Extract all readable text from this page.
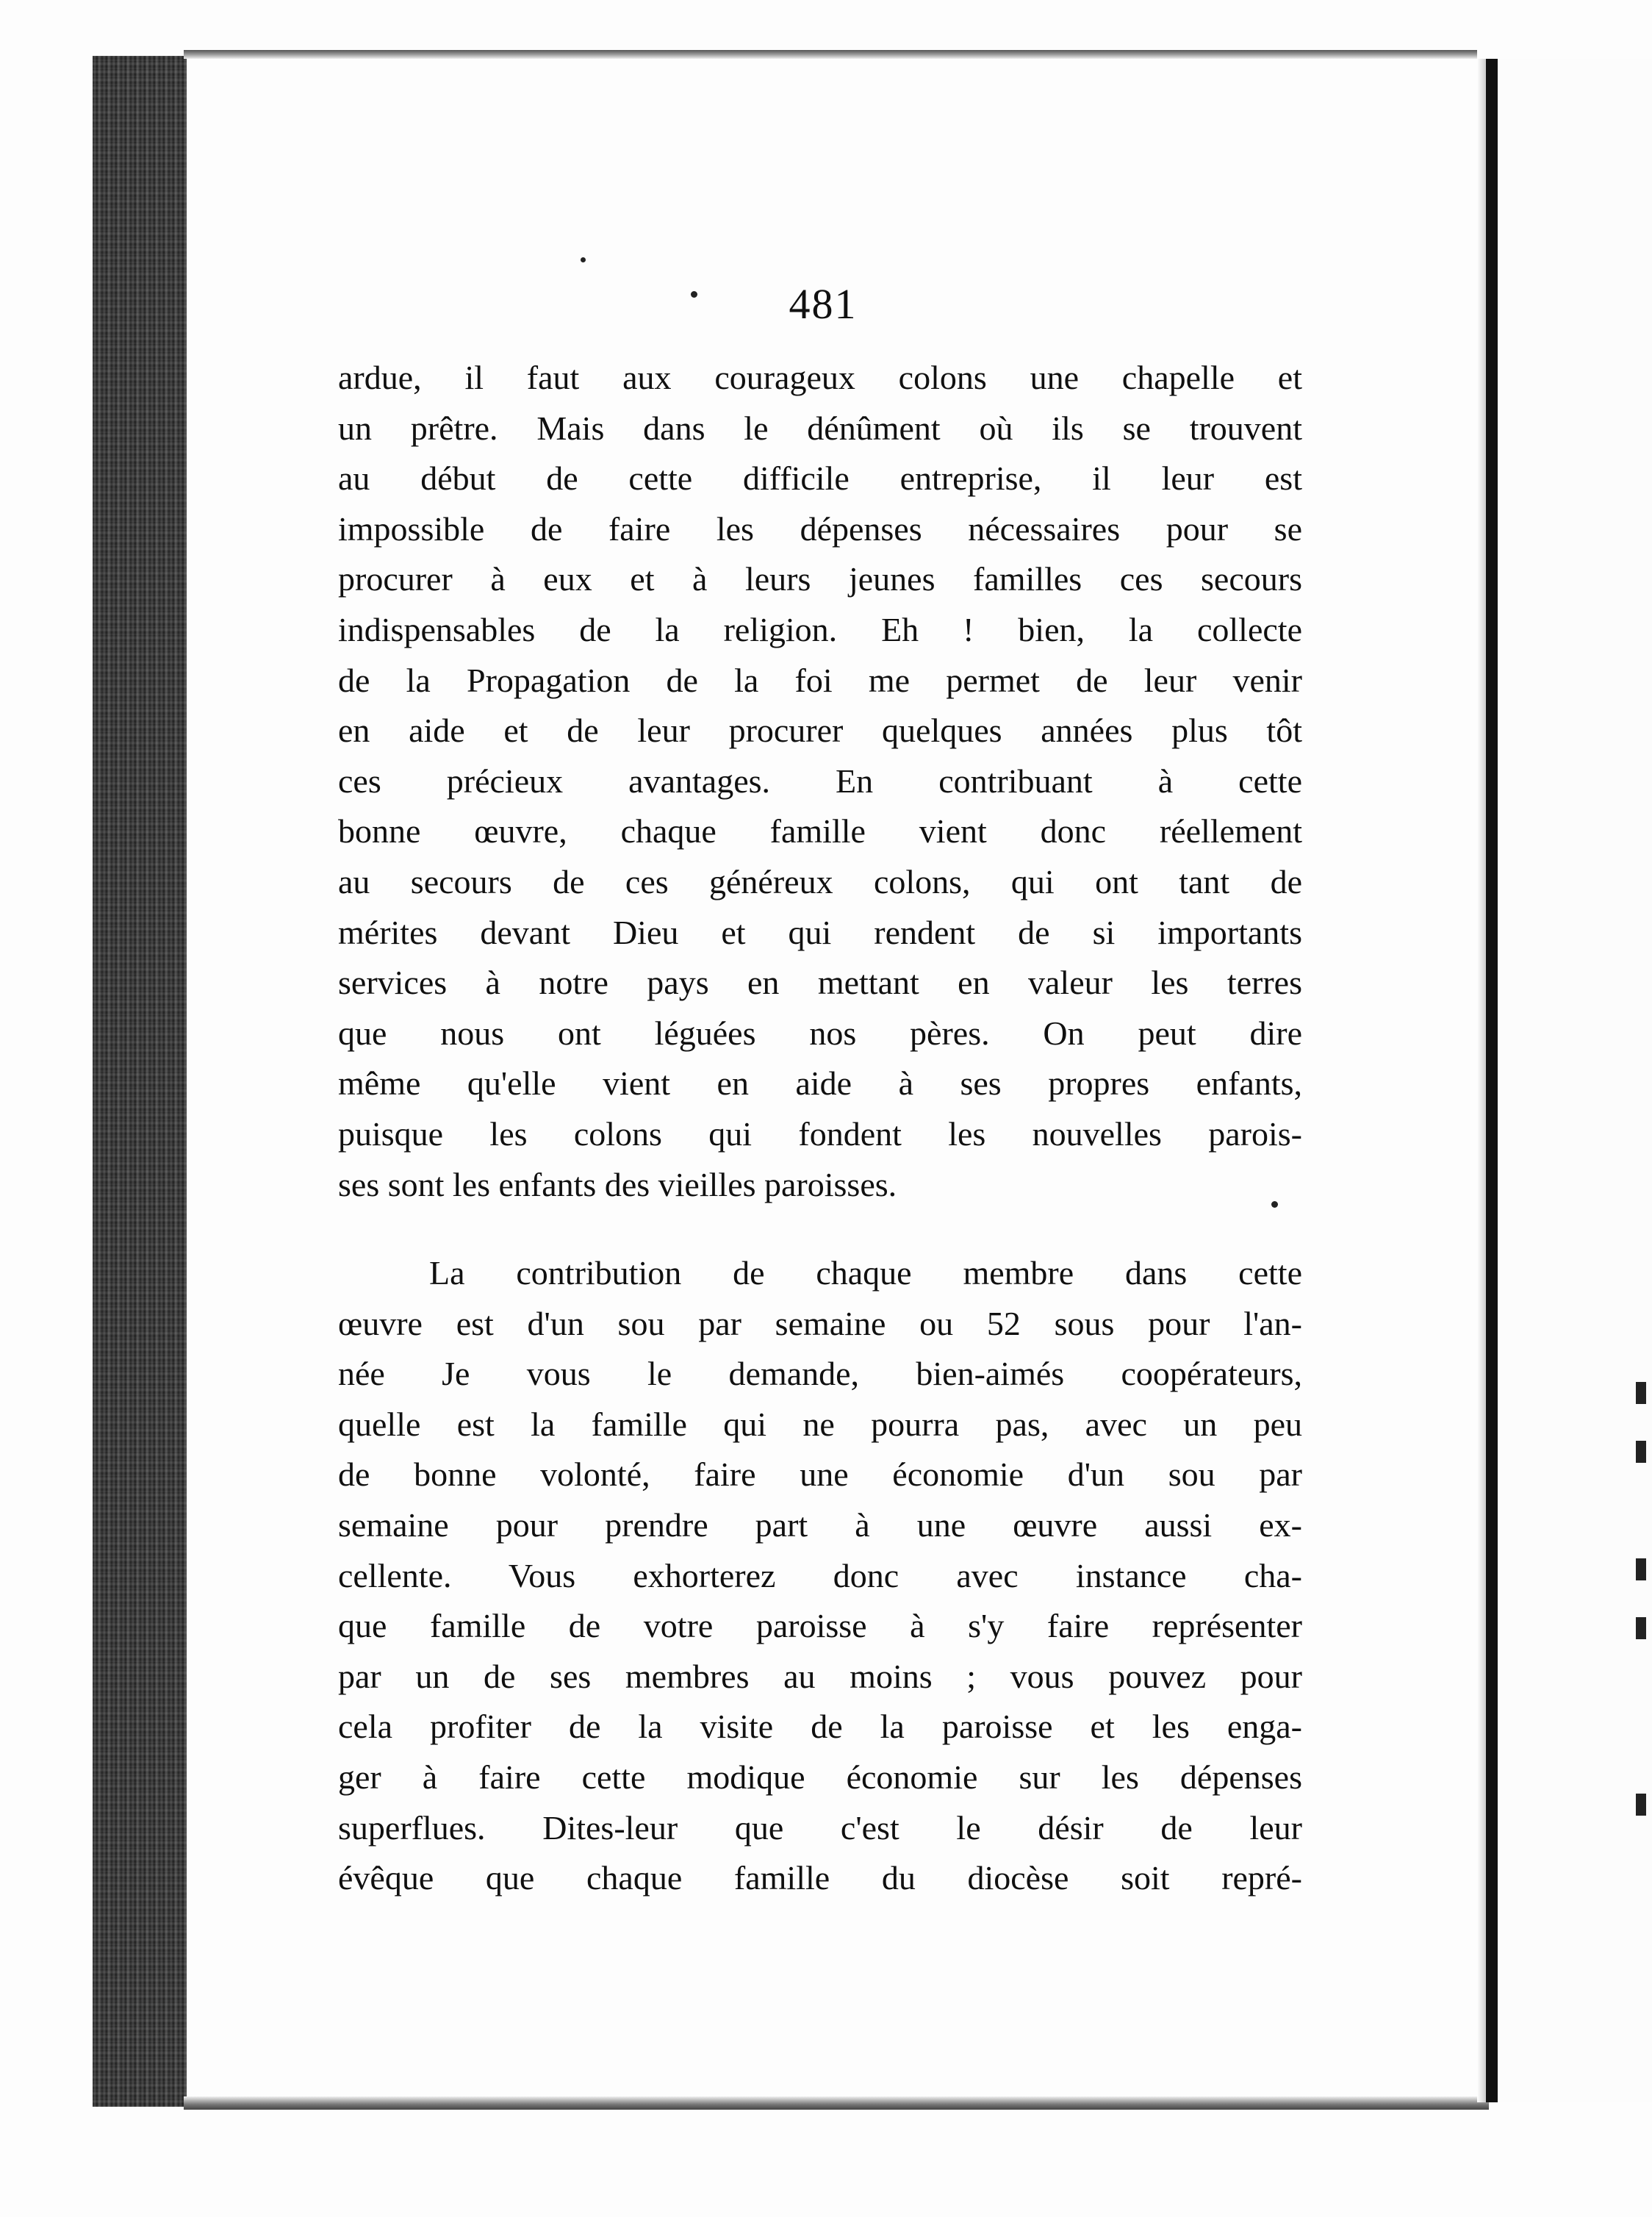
481
ardue, il faut aux courageux colons une chapelle et
un prêtre. Mais dans le dénûment où ils se trouvent
au début de cette difficile entreprise, il leur est
impossible de faire les dépenses nécessaires pour se
procurer à eux et à leurs jeunes familles ces secours
indispensables de la religion. Eh ! bien, la collecte
de la Propagation de la foi me permet de leur venir
en aide et de leur procurer quelques années plus tôt
ces précieux avantages. En contribuant à cette
bonne œuvre, chaque famille vient donc réellement
au secours de ces généreux colons, qui ont tant de
mérites devant Dieu et qui rendent de si importants
services à notre pays en mettant en valeur les terres
que nous ont léguées nos pères. On peut dire
même qu'elle vient en aide à ses propres enfants,
puisque les colons qui fondent les nouvelles parois-
ses sont les enfants des vieilles paroisses.
La contribution de chaque membre dans cette
œuvre est d'un sou par semaine ou 52 sous pour l'an-
née Je vous le demande, bien-aimés coopérateurs,
quelle est la famille qui ne pourra pas, avec un peu
de bonne volonté, faire une économie d'un sou par
semaine pour prendre part à une œuvre aussi ex-
cellente. Vous exhorterez donc avec instance cha-
que famille de votre paroisse à s'y faire représenter
par un de ses membres au moins ; vous pouvez pour
cela profiter de la visite de la paroisse et les enga-
ger à faire cette modique économie sur les dépenses
superflues. Dites-leur que c'est le désir de leur
évêque que chaque famille du diocèse soit repré-
